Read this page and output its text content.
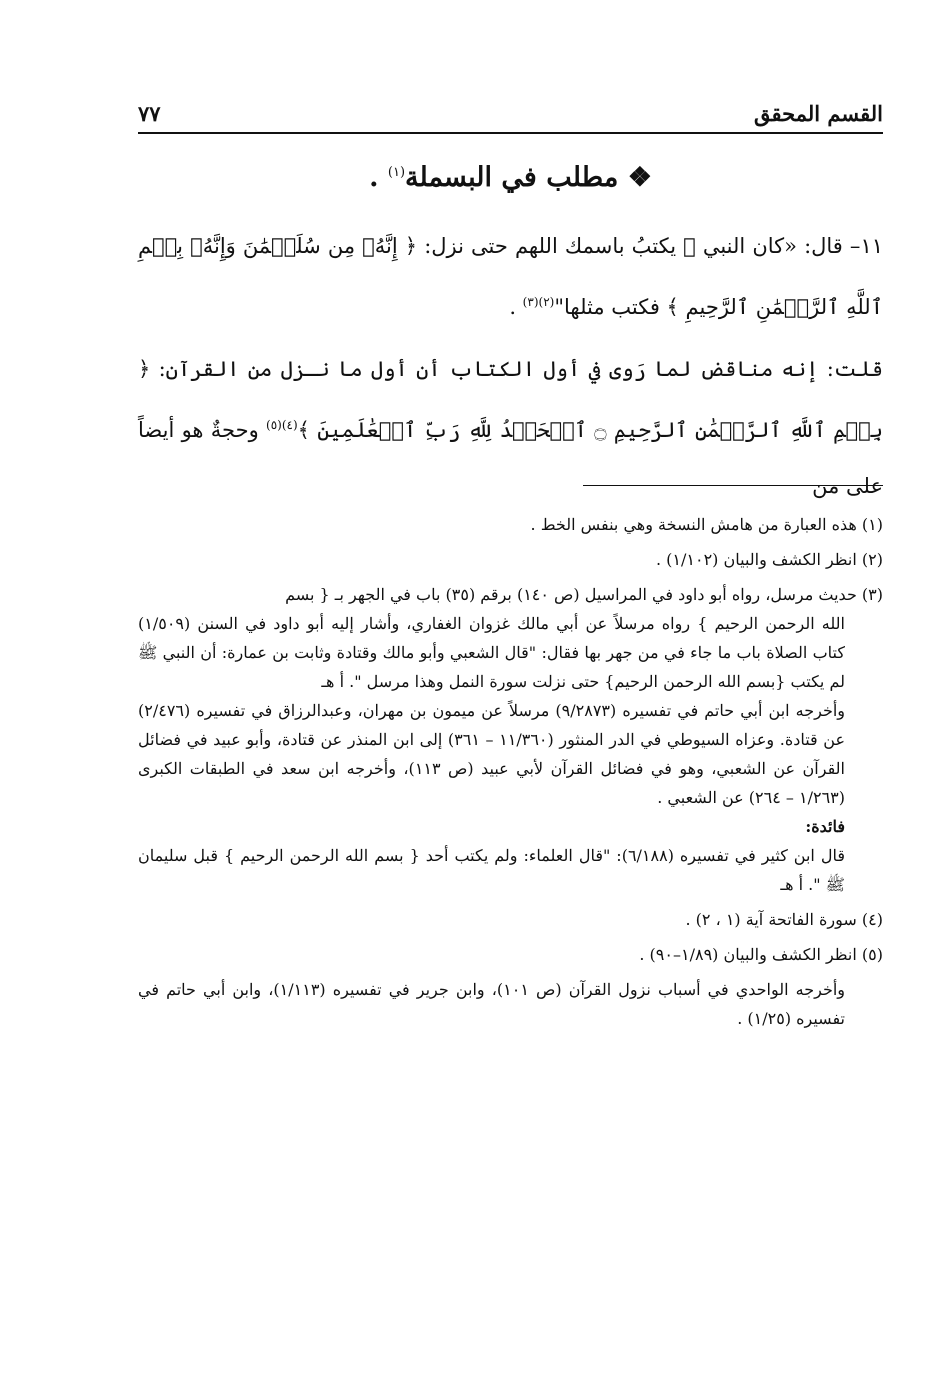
القسم المحقق
٧٧
❖ مطلب في البسملة$^{(١)}$ .

١١– قال: «كان النبي ﷺ يكتبُ باسمك اللهم حتى نزل: ﴿ إِنَّهُۥ مِن سُلَيۡمَٰنَ وَإِنَّهُۥ بِسۡمِ ٱللَّهِ ٱلرَّحۡمَٰنِ ٱلرَّحِيمِ ﴾ فكتب مثلها"$^{(٢)(٣)}$ .

قلت: إنه مناقض لما رَوى في أول الكتاب أن أول ما نـزل من القرآن: ﴿ بِسۡمِ ٱللَّهِ ٱلرَّحۡمَٰنِ ٱلرَّحِيمِ ۝ ٱلۡحَمۡدُ لِلَّهِ رَبِّ ٱلۡعَٰلَمِينَ ﴾$^{(٤)(٥)}$ وحجةٌ هو أيضاً على من

(١) هذه العبارة من هامش النسخة وهي بنفس الخط .

(٢) انظر الكشف والبيان (١/١٠٢) .

(٣) حديث مرسل، رواه أبو داود في المراسيل (ص ١٤٠) برقم (٣٥) باب في الجهر بـ { بسم

الله الرحمن الرحيم } رواه مرسلاً عن أبي مالك غزوان الغفاري، وأشار إليه أبو داود في السنن (١/٥٠٩) كتاب الصلاة باب ما جاء في من جهر بها فقال: "قال الشعبي وأبو مالك وقتادة وثابت بن عمارة: أن النبي ﷺ لم يكتب {بسم الله الرحمن الرحيم} حتى نزلت سورة النمل وهذا مرسل ". أ هـ

وأخرجه ابن أبي حاتم في تفسيره (٩/٢٨٧٣) مرسلاً عن ميمون بن مهران، وعبدالرزاق في تفسيره (٢/٤٧٦) عن قتادة. وعزاه السيوطي في الدر المنثور (١١/٣٦٠ – ٣٦١) إلى ابن المنذر عن قتادة، وأبو عبيد في فضائل القرآن عن الشعبي، وهو في فضائل القرآن لأبي عبيد (ص ١١٣)، وأخرجه ابن سعد في الطبقات الكبرى (١/٢٦٣ – ٢٦٤) عن الشعبي .

فائدة:

قال ابن كثير في تفسيره (٦/١٨٨): "قال العلماء: ولم يكتب أحد { بسم الله الرحمن الرحيم } قبل سليمان ﷺ ". أ هـ

(٤) سورة الفاتحة آية (١ ، ٢) .

(٥) انظر الكشف والبيان (١/٨٩–٩٠) .

وأخرجه الواحدي في أسباب نزول القرآن (ص ١٠١)، وابن جرير في تفسيره (١/١١٣)، وابن أبي حاتم في تفسيره (١/٢٥) .
